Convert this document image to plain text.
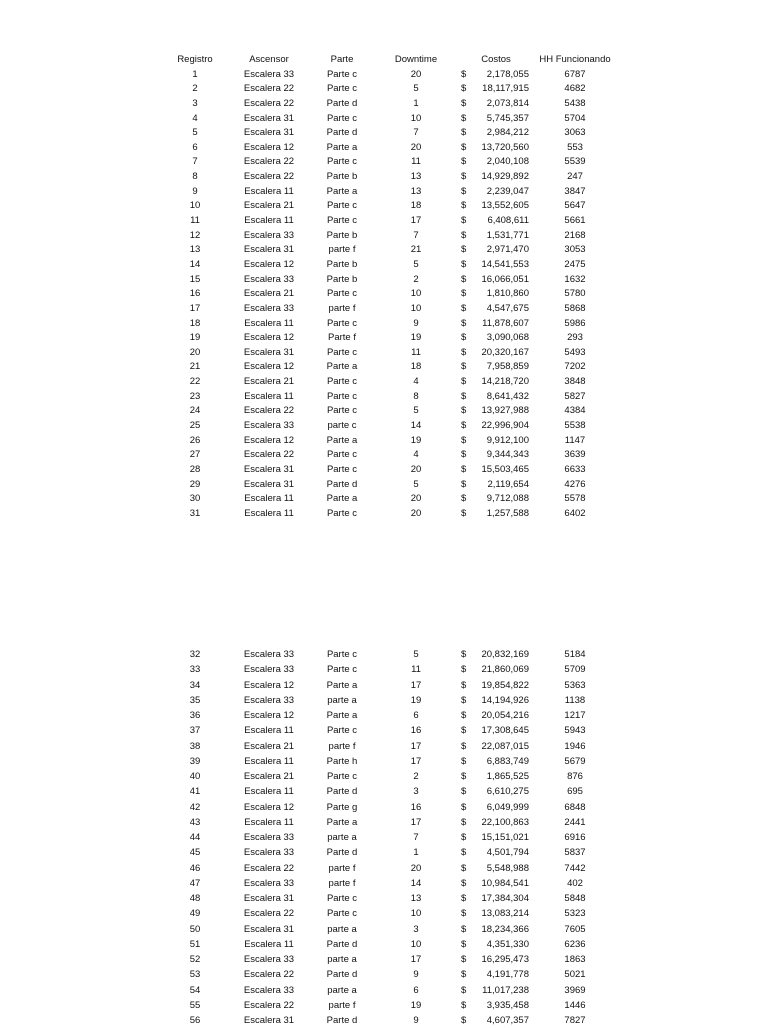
Registro	Ascensor	Parte	Downtime	Costos	HH Funcionando
1	Escalera 33	Parte c	20	$	2,178,055	6787
2	Escalera 22	Parte c	5	$	18,117,915	4682
3	Escalera 22	Parte d	1	$	2,073,814	5438
4	Escalera 31	Parte c	10	$	5,745,357	5704
5	Escalera 31	Parte d	7	$	2,984,212	3063
6	Escalera 12	Parte a	20	$	13,720,560	553
7	Escalera 22	Parte c	11	$	2,040,108	5539
8	Escalera 22	Parte b	13	$	14,929,892	247
9	Escalera 11	Parte a	13	$	2,239,047	3847
10	Escalera 21	Parte c	18	$	13,552,605	5647
11	Escalera 11	Parte c	17	$	6,408,611	5661
12	Escalera 33	Parte b	7	$	1,531,771	2168
13	Escalera 31	parte f	21	$	2,971,470	3053
14	Escalera 12	Parte b	5	$	14,541,553	2475
15	Escalera 33	Parte b	2	$	16,066,051	1632
16	Escalera 21	Parte c	10	$	1,810,860	5780
17	Escalera 33	parte f	10	$	4,547,675	5868
18	Escalera 11	Parte c	9	$	11,878,607	5986
19	Escalera 12	Parte f	19	$	3,090,068	293
20	Escalera 31	Parte c	11	$	20,320,167	5493
21	Escalera 12	Parte a	18	$	7,958,859	7202
22	Escalera 21	Parte c	4	$	14,218,720	3848
23	Escalera 11	Parte c	8	$	8,641,432	5827
24	Escalera 22	Parte c	5	$	13,927,988	4384
25	Escalera 33	parte c	14	$	22,996,904	5538
26	Escalera 12	Parte a	19	$	9,912,100	1147
27	Escalera 22	Parte c	4	$	9,344,343	3639
28	Escalera 31	Parte c	20	$	15,503,465	6633
29	Escalera 31	Parte d	5	$	2,119,654	4276
30	Escalera 11	Parte a	20	$	9,712,088	5578
31	Escalera 11	Parte c	20	$	1,257,588	6402
32	Escalera 33	Parte c	5	$	20,832,169	5184
33	Escalera 33	Parte c	11	$	21,860,069	5709
34	Escalera 12	Parte a	17	$	19,854,822	5363
35	Escalera 33	parte a	19	$	14,194,926	1138
36	Escalera 12	Parte a	6	$	20,054,216	1217
37	Escalera 11	Parte c	16	$	17,308,645	5943
38	Escalera 21	parte f	17	$	22,087,015	1946
39	Escalera 11	Parte h	17	$	6,883,749	5679
40	Escalera 21	Parte c	2	$	1,865,525	876
41	Escalera 11	Parte d	3	$	6,610,275	695
42	Escalera 12	Parte g	16	$	6,049,999	6848
43	Escalera 11	Parte a	17	$	22,100,863	2441
44	Escalera 33	parte a	7	$	15,151,021	6916
45	Escalera 33	Parte d	1	$	4,501,794	5837
46	Escalera 22	parte f	20	$	5,548,988	7442
47	Escalera 33	parte f	14	$	10,984,541	402
48	Escalera 31	Parte c	13	$	17,384,304	5848
49	Escalera 22	Parte c	10	$	13,083,214	5323
50	Escalera 31	parte a	3	$	18,234,366	7605
51	Escalera 11	Parte d	10	$	4,351,330	6236
52	Escalera 33	parte a	17	$	16,295,473	1863
53	Escalera 22	Parte d	9	$	4,191,778	5021
54	Escalera 33	parte a	6	$	11,017,238	3969
55	Escalera 22	parte f	19	$	3,935,458	1446
56	Escalera 31	Parte d	9	$	4,607,357	7827
